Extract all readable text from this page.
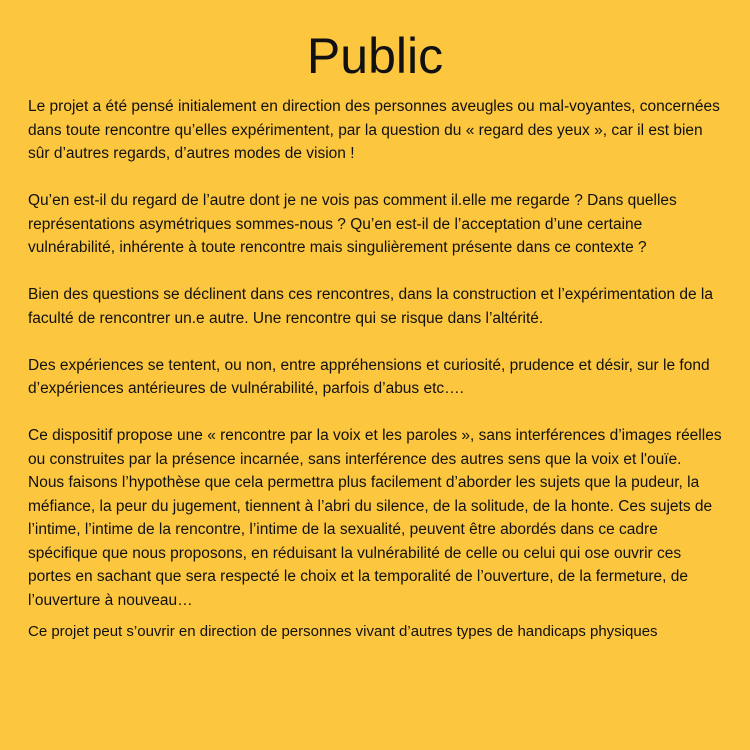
Public

Le projet a été pensé initialement en direction des personnes aveugles ou mal-voyantes, concernées dans toute rencontre qu’elles expérimentent, par la question du « regard des yeux », car il est bien sûr d’autres regards, d’autres modes de vision !

Qu’en est-il du regard de l’autre dont je ne vois pas comment il.elle me regarde ? Dans quelles représentations asymétriques sommes-nous ? Qu’en est-il de l’acceptation d’une certaine vulnérabilité, inhérente à toute rencontre mais singulièrement présente dans ce contexte ?

Bien des questions se déclinent dans ces rencontres, dans la construction et l’expérimentation de la faculté de rencontrer un.e autre. Une rencontre qui se risque dans l’altérité.

Des expériences se tentent, ou non, entre appréhensions et curiosité, prudence et désir, sur le fond d’expériences antérieures de vulnérabilité, parfois d’abus etc….

Ce dispositif propose une « rencontre par la voix et les paroles », sans interférences d’images réelles ou construites par la présence incarnée, sans interférence des autres sens que la voix et l'ouïe.

Nous faisons l’hypothèse que cela permettra plus facilement d’aborder les sujets que la pudeur, la méfiance, la peur du jugement, tiennent à l’abri du silence, de la solitude, de la honte. Ces sujets de l’intime, l’intime de la rencontre, l’intime de la sexualité, peuvent être abordés dans ce cadre spécifique que nous proposons, en réduisant la vulnérabilité de celle ou celui qui ose ouvrir ces portes en sachant que sera respecté le choix et la temporalité de l’ouverture, de la fermeture, de l’ouverture à nouveau…

Ce projet peut s’ouvrir en direction de personnes vivant d’autres types de handicaps physiques
